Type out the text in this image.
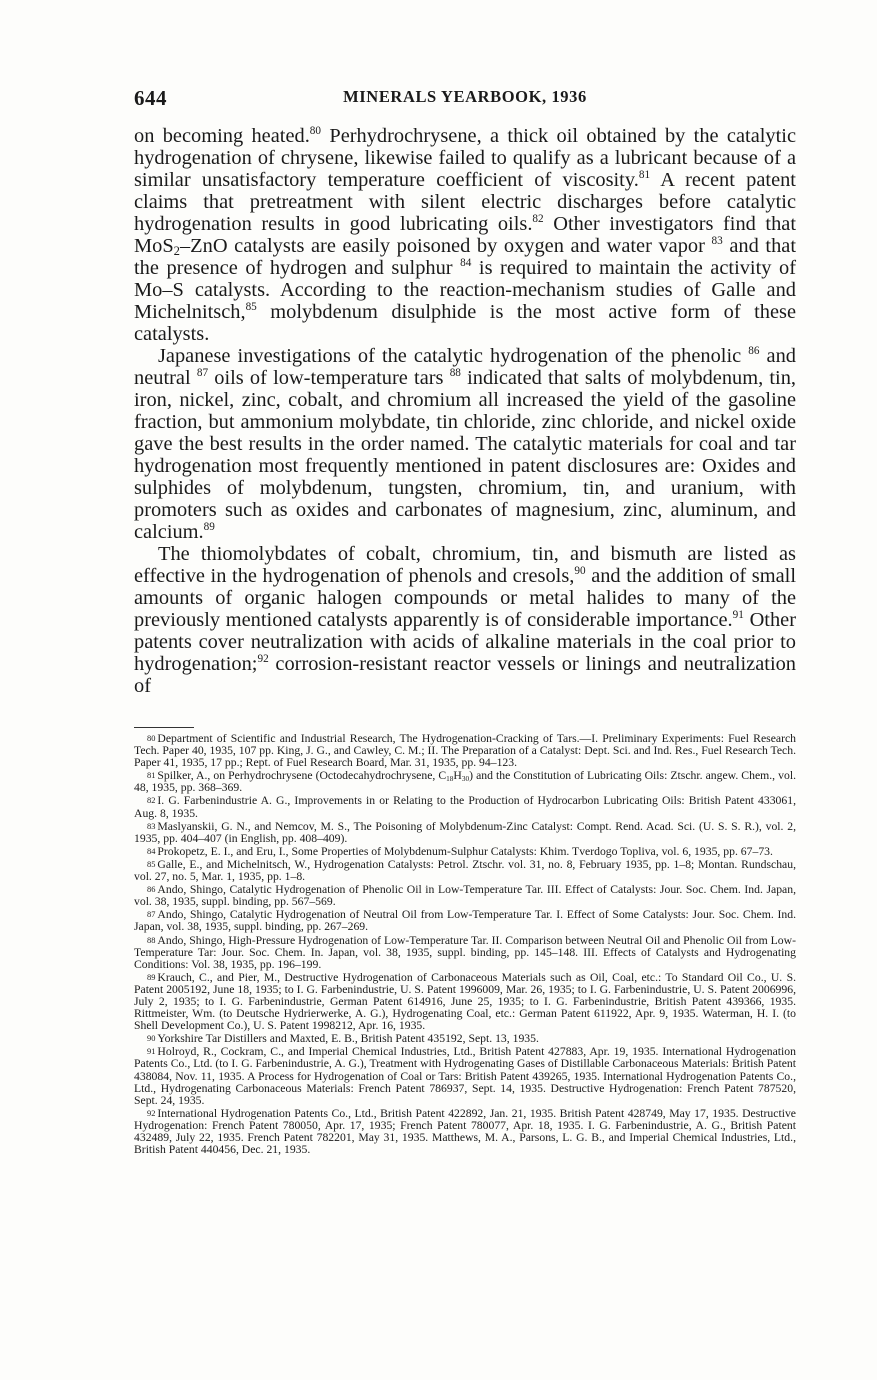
644	MINERALS YEARBOOK, 1936

on becoming heated.$^{80}$ Perhydrochrysene, a thick oil obtained by the catalytic hydrogenation of chrysene, likewise failed to qualify as a lubricant because of a similar unsatisfactory temperature coefficient of viscosity.$^{81}$ A recent patent claims that pretreatment with silent electric discharges before catalytic hydrogenation results in good lubricating oils.$^{82}$ Other investigators find that MoS$_2$–ZnO catalysts are easily poisoned by oxygen and water vapor $^{83}$ and that the presence of hydrogen and sulphur $^{84}$ is required to maintain the activity of Mo–S catalysts. According to the reaction-mechanism studies of Galle and Michelnitsch,$^{85}$ molybdenum disulphide is the most active form of these catalysts.

Japanese investigations of the catalytic hydrogenation of the phenolic $^{86}$ and neutral $^{87}$ oils of low-temperature tars $^{88}$ indicated that salts of molybdenum, tin, iron, nickel, zinc, cobalt, and chromium all increased the yield of the gasoline fraction, but ammonium molybdate, tin chloride, zinc chloride, and nickel oxide gave the best results in the order named. The catalytic materials for coal and tar hydrogenation most frequently mentioned in patent disclosures are: Oxides and sulphides of molybdenum, tungsten, chromium, tin, and uranium, with promoters such as oxides and carbonates of magnesium, zinc, aluminum, and calcium.$^{89}$

The thiomolybdates of cobalt, chromium, tin, and bismuth are listed as effective in the hydrogenation of phenols and cresols,$^{90}$ and the addition of small amounts of organic halogen compounds or metal halides to many of the previously mentioned catalysts apparently is of considerable importance.$^{91}$ Other patents cover neutralization with acids of alkaline materials in the coal prior to hydrogenation;$^{92}$ corrosion-resistant reactor vessels or linings and neutralization of

80 Department of Scientific and Industrial Research, The Hydrogenation-Cracking of Tars.—I. Preliminary Experiments: Fuel Research Tech. Paper 40, 1935, 107 pp. King, J. G., and Cawley, C. M.; II. The Preparation of a Catalyst: Dept. Sci. and Ind. Res., Fuel Research Tech. Paper 41, 1935, 17 pp.; Rept. of Fuel Research Board, Mar. 31, 1935, pp. 94–123.

81 Spilker, A., on Perhydrochrysene (Octodecahydrochrysene, $C_{18}H_{30}$) and the Constitution of Lubricating Oils: Ztschr. angew. Chem., vol. 48, 1935, pp. 368–369.

82 I. G. Farbenindustrie A. G., Improvements in or Relating to the Production of Hydrocarbon Lubricating Oils: British Patent 433061, Aug. 8, 1935.

83 Maslyanskii, G. N., and Nemcov, M. S., The Poisoning of Molybdenum-Zinc Catalyst: Compt. Rend. Acad. Sci. (U. S. S. R.), vol. 2, 1935, pp. 404–407 (in English, pp. 408–409).

84 Prokopetz, E. I., and Eru, I., Some Properties of Molybdenum-Sulphur Catalysts: Khim. Tverdogo Topliva, vol. 6, 1935, pp. 67–73.

85 Galle, E., and Michelnitsch, W., Hydrogenation Catalysts: Petrol. Ztschr. vol. 31, no. 8, February 1935, pp. 1–8; Montan. Rundschau, vol. 27, no. 5, Mar. 1, 1935, pp. 1–8.

86 Ando, Shingo, Catalytic Hydrogenation of Phenolic Oil in Low-Temperature Tar. III. Effect of Catalysts: Jour. Soc. Chem. Ind. Japan, vol. 38, 1935, suppl. binding, pp. 567–569.

87 Ando, Shingo, Catalytic Hydrogenation of Neutral Oil from Low-Temperature Tar. I. Effect of Some Catalysts: Jour. Soc. Chem. Ind. Japan, vol. 38, 1935, suppl. binding, pp. 267–269.

88 Ando, Shingo, High-Pressure Hydrogenation of Low-Temperature Tar. II. Comparison between Neutral Oil and Phenolic Oil from Low-Temperature Tar: Jour. Soc. Chem. In. Japan, vol. 38, 1935, suppl. binding, pp. 145–148. III. Effects of Catalysts and Hydrogenating Conditions: Vol. 38, 1935, pp. 196–199.

89 Krauch, C., and Pier, M., Destructive Hydrogenation of Carbonaceous Materials such as Oil, Coal, etc.: To Standard Oil Co., U. S. Patent 2005192, June 18, 1935; to I. G. Farbenindustrie, U. S. Patent 1996009, Mar. 26, 1935; to I. G. Farbenindustrie, U. S. Patent 2006996, July 2, 1935; to I. G. Farbenindustrie, German Patent 614916, June 25, 1935; to I. G. Farbenindustrie, British Patent 439366, 1935. Rittmeister, Wm. (to Deutsche Hydrierwerke, A. G.), Hydrogenating Coal, etc.: German Patent 611922, Apr. 9, 1935. Waterman, H. I. (to Shell Development Co.), U. S. Patent 1998212, Apr. 16, 1935.

90 Yorkshire Tar Distillers and Maxted, E. B., British Patent 435192, Sept. 13, 1935.

91 Holroyd, R., Cockram, C., and Imperial Chemical Industries, Ltd., British Patent 427883, Apr. 19, 1935. International Hydrogenation Patents Co., Ltd. (to I. G. Farbenindustrie, A. G.), Treatment with Hydrogenating Gases of Distillable Carbonaceous Materials: British Patent 438084, Nov. 11, 1935. A Process for Hydrogenation of Coal or Tars: British Patent 439265, 1935. International Hydrogenation Patents Co., Ltd., Hydrogenating Carbonaceous Materials: French Patent 786937, Sept. 14, 1935. Destructive Hydrogenation: French Patent 787520, Sept. 24, 1935.

92 International Hydrogenation Patents Co., Ltd., British Patent 422892, Jan. 21, 1935. British Patent 428749, May 17, 1935. Destructive Hydrogenation: French Patent 780050, Apr. 17, 1935; French Patent 780077, Apr. 18, 1935. I. G. Farbenindustrie, A. G., British Patent 432489, July 22, 1935. French Patent 782201, May 31, 1935. Matthews, M. A., Parsons, L. G. B., and Imperial Chemical Industries, Ltd., British Patent 440456, Dec. 21, 1935.
